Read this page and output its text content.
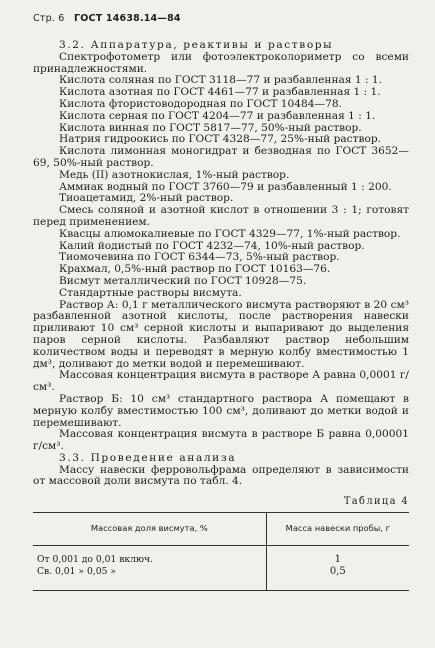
Стр. 6 ГОСТ 14638.14—84

3.2. Аппаратура, реактивы и растворы

Спектрофотометр или фотоэлектроколориметр со всеми принадлежностями.

Кислота соляная по ГОСТ 3118—77 и разбавленная 1 : 1.

Кислота азотная по ГОСТ 4461—77 и разбавленная 1 : 1.

Кислота фтористоводородная по ГОСТ 10484—78.

Кислота серная по ГОСТ 4204—77 и разбавленная 1 : 1.

Кислота винная по ГОСТ 5817—77, 50%-ный раствор.

Натрия гидроокись по ГОСТ 4328—77, 25%-ный раствор.

Кислота лимонная моногидрат и безводная по ГОСТ 3652—69, 50%-ный раствор.

Медь (II) азотнокислая, 1%-ный раствор.

Аммиак водный по ГОСТ 3760—79 и разбавленный 1 : 200.

Тиоацетамид, 2%-ный раствор.

Смесь соляной и азотной кислот в отношении 3 : 1; готовят перед применением.

Квасцы алюмокалиевые по ГОСТ 4329—77, 1%-ный раствор.

Калий йодистый по ГОСТ 4232—74, 10%-ный раствор.

Тиомочевина по ГОСТ 6344—73, 5%-ный раствор.

Крахмал, 0,5%-ный раствор по ГОСТ 10163—76.

Висмут металлический по ГОСТ 10928—75.

Стандартные растворы висмута.

Раствор А: 0,1 г металлического висмута растворяют в 20 см³ разбавленной азотной кислоты, после растворения навески приливают 10 см³ серной кислоты и выпаривают до выделения паров серной кислоты. Разбавляют раствор небольшим количеством воды и переводят в мерную колбу вместимостью 1 дм³, доливают до метки водой и перемешивают.

Массовая концентрация висмута в растворе А равна 0,0001 г/см³.

Раствор Б: 10 см³ стандартного раствора А помещают в мерную колбу вместимостью 100 см³, доливают до метки водой и перемешивают.

Массовая концентрация висмута в растворе Б равна 0,00001 г/см³.

3.3. Проведение анализа

Массу навески ферровольфрама определяют в зависимости от массовой доли висмута по табл. 4.

Таблица 4

Массовая доля висмута, %	Масса навески пробы, г
От 0,001 до 0,01 включ.	1
Св. 0,01 » 0,05 »	0,5
